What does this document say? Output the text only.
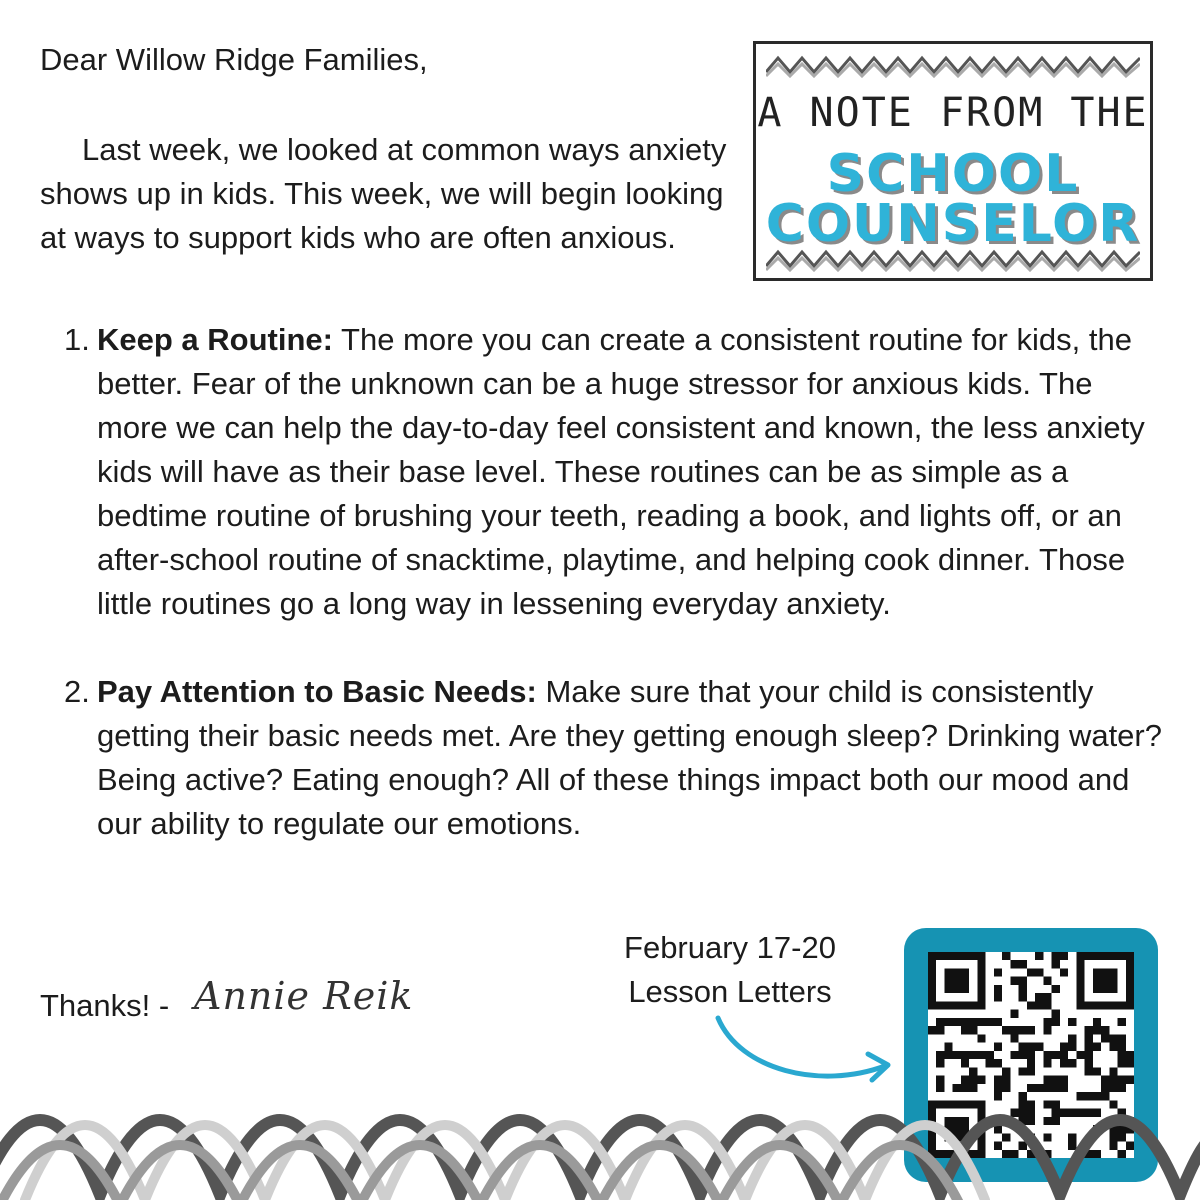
Dear Willow Ridge Families,

Last week, we looked at common ways anxiety shows up in kids. This week, we will begin looking at ways to support kids who are often anxious.

A NOTE FROM THE
SCHOOL
COUNSELOR
1. Keep a Routine: The more you can create a consistent routine for kids, the better. Fear of the unknown can be a huge stressor for anxious kids. The more we can help the day-to-day feel consistent and known, the less anxiety kids will have as their base level. These routines can be as simple as a bedtime routine of brushing your teeth, reading a book, and lights off, or an after-school routine of snacktime, playtime, and helping cook dinner. Those little routines go a long way in lessening everyday anxiety.
2. Pay Attention to Basic Needs: Make sure that your child is consistently getting their basic needs met. Are they getting enough sleep? Drinking water? Being active? Eating enough? All of these things impact both our mood and our ability to regulate our emotions.
Thanks! - Annie Reik
February 17-20
Lesson Letters
